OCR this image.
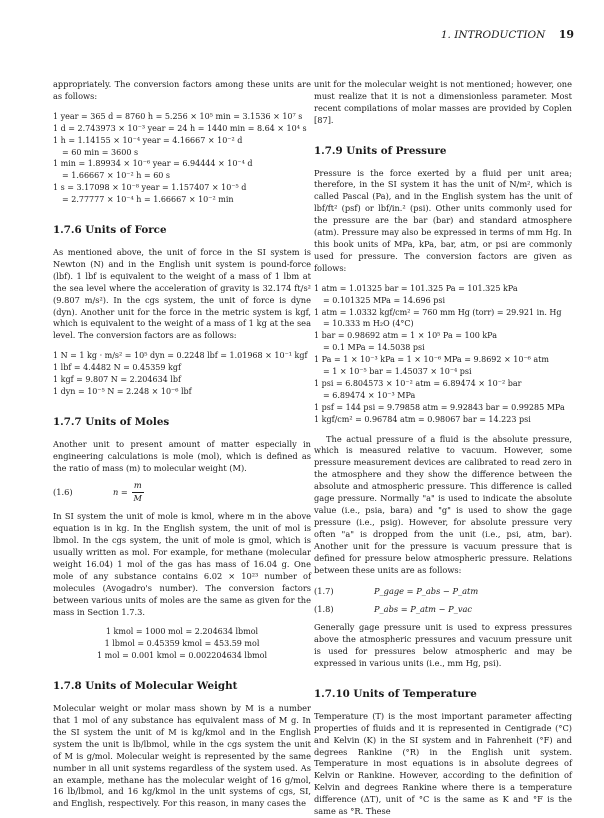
1. INTRODUCTION 19

appropriately. The conversion factors among these units are as follows:

1 year = 365 d = 8760 h = 5.256 × 10⁵ min = 3.1536 × 10⁷ s
1 d = 2.743973 × 10⁻³ year = 24 h = 1440 min = 8.64 × 10⁴ s
1 h = 1.14155 × 10⁻⁴ year = 4.16667 × 10⁻² d
= 60 min = 3600 s
1 min = 1.89934 × 10⁻⁶ year = 6.94444 × 10⁻⁴ d
= 1.66667 × 10⁻² h = 60 s
1 s = 3.17098 × 10⁻⁸ year = 1.157407 × 10⁻⁵ d
= 2.77777 × 10⁻⁴ h = 1.66667 × 10⁻² min
1.7.6 Units of Force

As mentioned above, the unit of force in the SI system is Newton (N) and in the English unit system is pound-force (lbf). 1 lbf is equivalent to the weight of a mass of 1 lbm at the sea level where the acceleration of gravity is 32.174 ft/s² (9.807 m/s²). In the cgs system, the unit of force is dyne (dyn). Another unit for the force in the metric system is kgf, which is equivalent to the weight of a mass of 1 kg at the sea level. The conversion factors are as follows:

1 N = 1 kg · m/s² = 10⁵ dyn = 0.2248 lbf = 1.01968 × 10⁻¹ kgf
1 lbf = 4.4482 N = 0.45359 kgf
1 kgf = 9.807 N = 2.204634 lbf
1 dyn = 10⁻⁵ N = 2.248 × 10⁻⁶ lbf
1.7.7 Units of Moles

Another unit to present amount of matter especially in engineering calculations is mole (mol), which is defined as the ratio of mass (m) to molecular weight (M).

(1.6)	$n = \frac{m}{M}$

In SI system the unit of mole is kmol, where m in the above equation is in kg. In the English system, the unit of mol is lbmol. In the cgs system, the unit of mole is gmol, which is usually written as mol. For example, for methane (molecular weight 16.04) 1 mol of the gas has mass of 16.04 g. One mole of any substance contains 6.02 × 10²³ number of molecules (Avogadro's number). The conversion factors between various units of moles are the same as given for the mass in Section 1.7.3.

1 kmol = 1000 mol = 2.204634 lbmol
1 lbmol = 0.45359 kmol = 453.59 mol
1 mol = 0.001 kmol = 0.002204634 lbmol
1.7.8 Units of Molecular Weight

Molecular weight or molar mass shown by M is a number that 1 mol of any substance has equivalent mass of M g. In the SI system the unit of M is kg/kmol and in the English system the unit is lb/lbmol, while in the cgs system the unit of M is g/mol. Molecular weight is represented by the same number in all unit systems regardless of the system used. As an example, methane has the molecular weight of 16 g/mol, 16 lb/lbmol, and 16 kg/kmol in the unit systems of cgs, SI, and English, respectively. For this reason, in many cases the

unit for the molecular weight is not mentioned; however, one must realize that it is not a dimensionless parameter. Most recent compilations of molar masses are provided by Coplen [87].

1.7.9 Units of Pressure

Pressure is the force exerted by a fluid per unit area; therefore, in the SI system it has the unit of N/m², which is called Pascal (Pa), and in the English system has the unit of lbf/ft² (psf) or lbf/in.² (psi). Other units commonly used for the pressure are the bar (bar) and standard atmosphere (atm). Pressure may also be expressed in terms of mm Hg. In this book units of MPa, kPa, bar, atm, or psi are commonly used for pressure. The conversion factors are given as follows:

1 atm = 1.01325 bar = 101.325 Pa = 101.325 kPa
= 0.101325 MPa = 14.696 psi
1 atm = 1.0332 kgf/cm² = 760 mm Hg (torr) = 29.921 in. Hg
= 10.333 m H₂O (4°C)
1 bar = 0.98692 atm = 1 × 10⁵ Pa = 100 kPa
= 0.1 MPa = 14.5038 psi
1 Pa = 1 × 10⁻³ kPa = 1 × 10⁻⁶ MPa = 9.8692 × 10⁻⁶ atm
= 1 × 10⁻⁵ bar = 1.45037 × 10⁻⁴ psi
1 psi = 6.804573 × 10⁻² atm = 6.89474 × 10⁻² bar
= 6.89474 × 10⁻³ MPa
1 psf = 144 psi = 9.79858 atm = 9.92843 bar = 0.99285 MPa
1 kgf/cm² = 0.96784 atm = 0.98067 bar = 14.223 psi

The actual pressure of a fluid is the absolute pressure, which is measured relative to vacuum. However, some pressure measurement devices are calibrated to read zero in the atmosphere and they show the difference between the absolute and atmospheric pressure. This difference is called gage pressure. Normally "a" is used to indicate the absolute value (i.e., psia, bara) and "g" is used to show the gage pressure (i.e., psig). However, for absolute pressure very often "a" is dropped from the unit (i.e., psi, atm, bar). Another unit for the pressure is vacuum pressure that is defined for pressure below atmospheric pressure. Relations between these units are as follows:

(1.7)	P_gage = P_abs − P_atm
(1.8)	P_abs = P_atm − P_vac

Generally gage pressure unit is used to express pressures above the atmospheric pressures and vacuum pressure unit is used for pressures below atmospheric and may be expressed in various units (i.e., mm Hg, psi).

1.7.10 Units of Temperature

Temperature (T) is the most important parameter affecting properties of fluids and it is represented in Centigrade (°C) and Kelvin (K) in the SI system and in Fahrenheit (°F) and degrees Rankine (°R) in the English unit system. Temperature in most equations is in absolute degrees of Kelvin or Rankine. However, according to the definition of Kelvin and degrees Rankine where there is a temperature difference (ΔT), unit of °C is the same as K and °F is the same as °R. These
